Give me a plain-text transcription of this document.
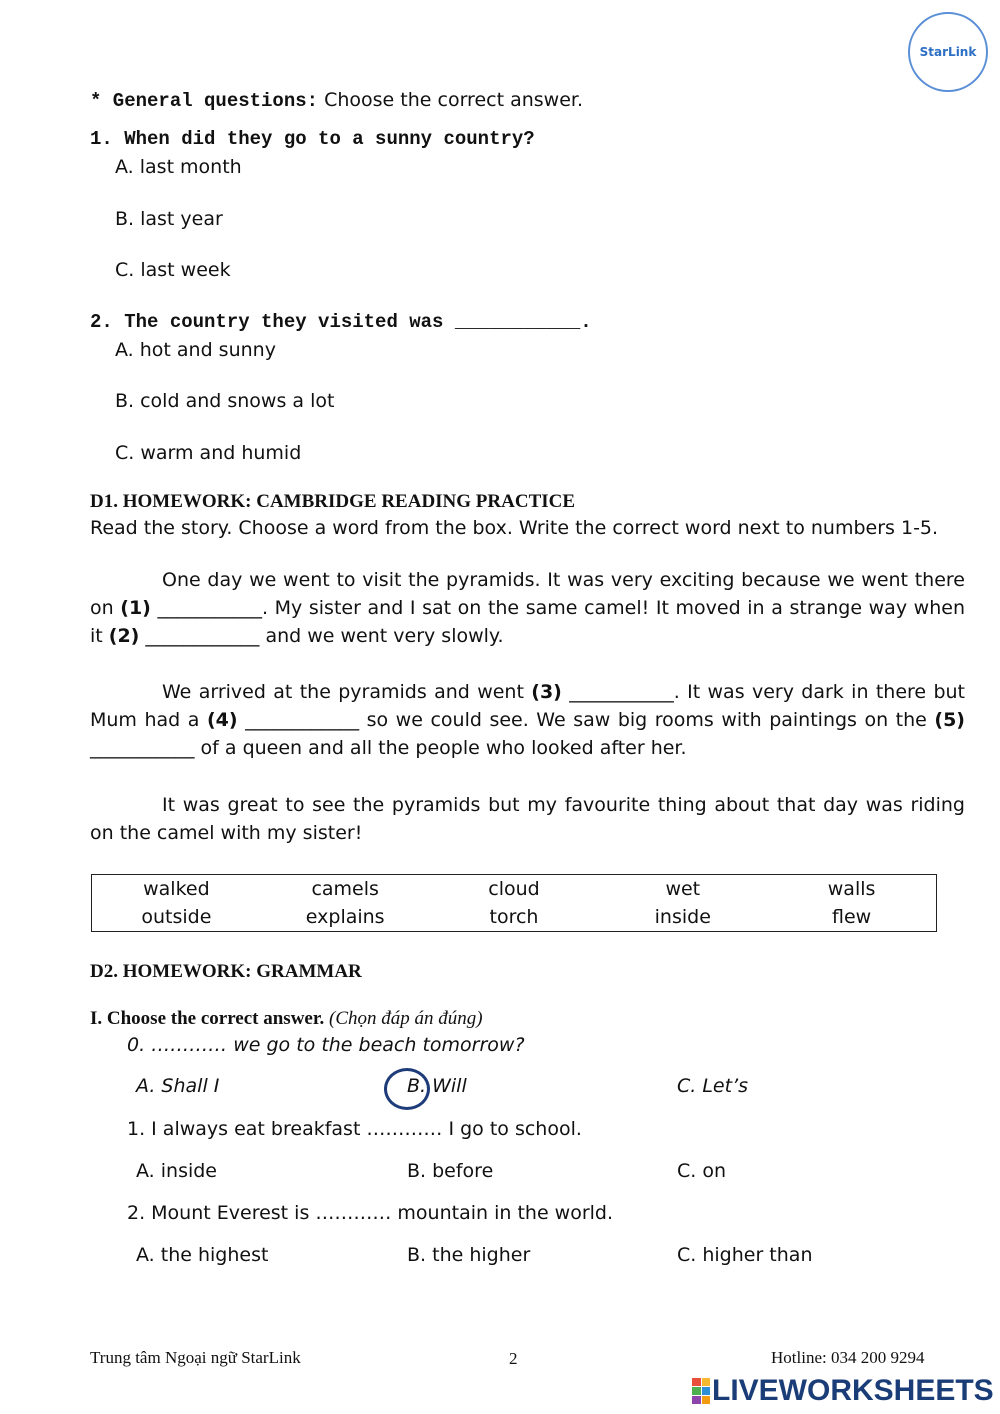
StarLink
* General questions: Choose the correct answer.
1. When did they go to a sunny country?
A. last month
B. last year
C. last week
2. The country they visited was ___________.
A. hot and sunny
B. cold and snows a lot
C. warm and humid
D1. HOMEWORK: CAMBRIDGE READING PRACTICE
Read the story. Choose a word from the box. Write the correct word next to numbers 1-5.
One day we went to visit the pyramids. It was very exciting because we went there on (1) ___________. My sister and I sat on the same camel! It moved in a strange way when it (2) ____________ and we went very slowly.
We arrived at the pyramids and went (3) ___________. It was very dark in there but Mum had a (4) ____________ so we could see. We saw big rooms with paintings on the (5) ___________ of a queen and all the people who looked after her.
It was great to see the pyramids but my favourite thing about that day was riding on the camel with my sister!
walked	camels	cloud	wet	walls
outside	explains	torch	inside	flew
D2. HOMEWORK: GRAMMAR
I. Choose the correct answer. (Chọn đáp án đúng)
0. ………… we go to the beach tomorrow?
A. Shall I	B. Will	C. Let’s
1. I always eat breakfast ………… I go to school.
A. inside	B. before	C. on
2. Mount Everest is ………… mountain in the world.
A. the highest	B. the higher	C. higher than
Trung tâm Ngoại ngữ StarLink	2	Hotline: 034 200 9294
LIVEWORKSHEETS
